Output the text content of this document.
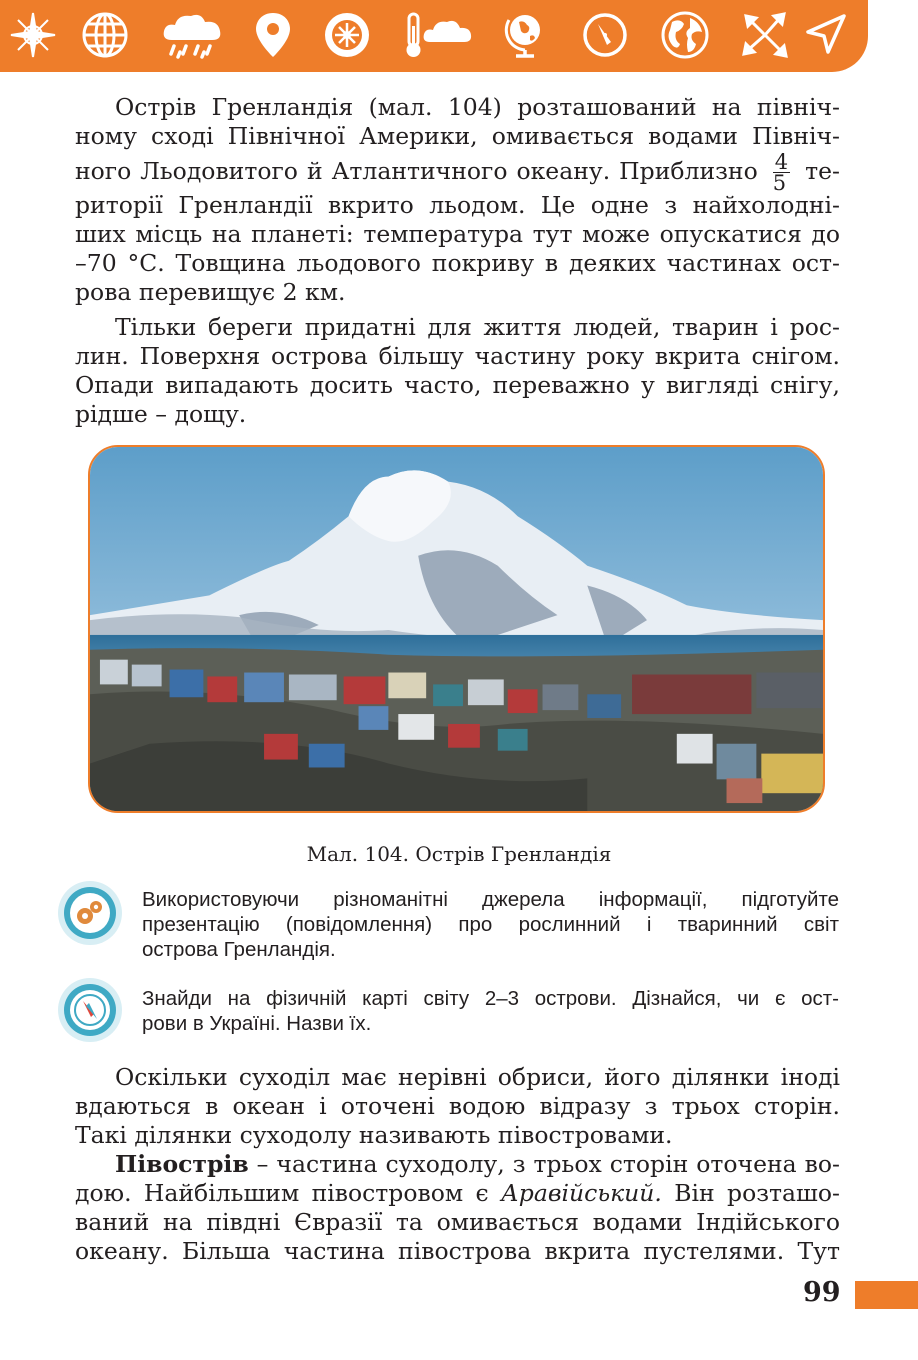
Острів Гренландія (мал. 104) розташований на північ-
ному сході Північної Америки, омивається водами Північ-
ного Льодовитого й Атлантичного океану. Приблизно $\frac{4}{5} те-$
риторії Гренландії вкрито льодом. Це одне з найхолодні-
ших місць на планеті: температура тут може опускатися до
–70 °С. Товщина льодового покриву в деяких частинах ост-
рова перевищує 2 км.
Тільки береги придатні для життя людей, тварин і рос-
лин. Поверхня острова більшу частину року вкрита снігом.
Опади випадають досить часто, переважно у вигляді снігу,
рідше – дощу.
Мал. 104. Острів Гренландія
Використовуючи різноманітні джерела інформації, підготуйте
презентацію (повідомлення) про рослинний і тваринний світ
острова Гренландія.
Знайди на фізичній карті світу 2–3 острови. Дізнайся, чи є ост-
рови в Україні. Назви їх.
Оскільки суходіл має нерівні обриси, його ділянки іноді
вдаються в океан і оточені водою відразу з трьох сторін.
Такі ділянки суходолу називають півостровами.
Півострів – частина суходолу, з трьох сторін оточена во-
дою. Найбільшим півостровом є Аравійський. Він розташо-
ваний на півдні Євразії та омивається водами Індійського
океану. Більша частина півострова вкрита пустелями. Тут
99
